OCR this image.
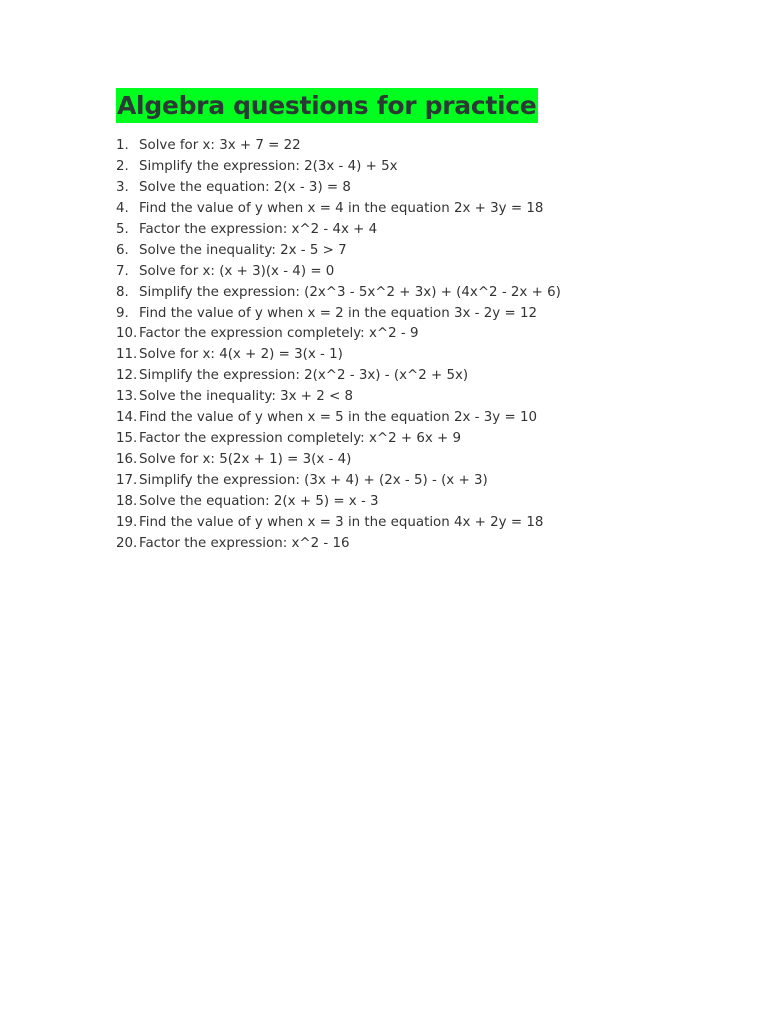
Algebra questions for practice
1. Solve for x: 3x + 7 = 22
2. Simplify the expression: 2(3x - 4) + 5x
3. Solve the equation: 2(x - 3) = 8
4. Find the value of y when x = 4 in the equation 2x + 3y = 18
5. Factor the expression: x^2 - 4x + 4
6. Solve the inequality: 2x - 5 > 7
7. Solve for x: (x + 3)(x - 4) = 0
8. Simplify the expression: (2x^3 - 5x^2 + 3x) + (4x^2 - 2x + 6)
9. Find the value of y when x = 2 in the equation 3x - 2y = 12
10. Factor the expression completely: x^2 - 9
11. Solve for x: 4(x + 2) = 3(x - 1)
12. Simplify the expression: 2(x^2 - 3x) - (x^2 + 5x)
13. Solve the inequality: 3x + 2 < 8
14. Find the value of y when x = 5 in the equation 2x - 3y = 10
15. Factor the expression completely: x^2 + 6x + 9
16. Solve for x: 5(2x + 1) = 3(x - 4)
17. Simplify the expression: (3x + 4) + (2x - 5) - (x + 3)
18. Solve the equation: 2(x + 5) = x - 3
19. Find the value of y when x = 3 in the equation 4x + 2y = 18
20. Factor the expression: x^2 - 16
